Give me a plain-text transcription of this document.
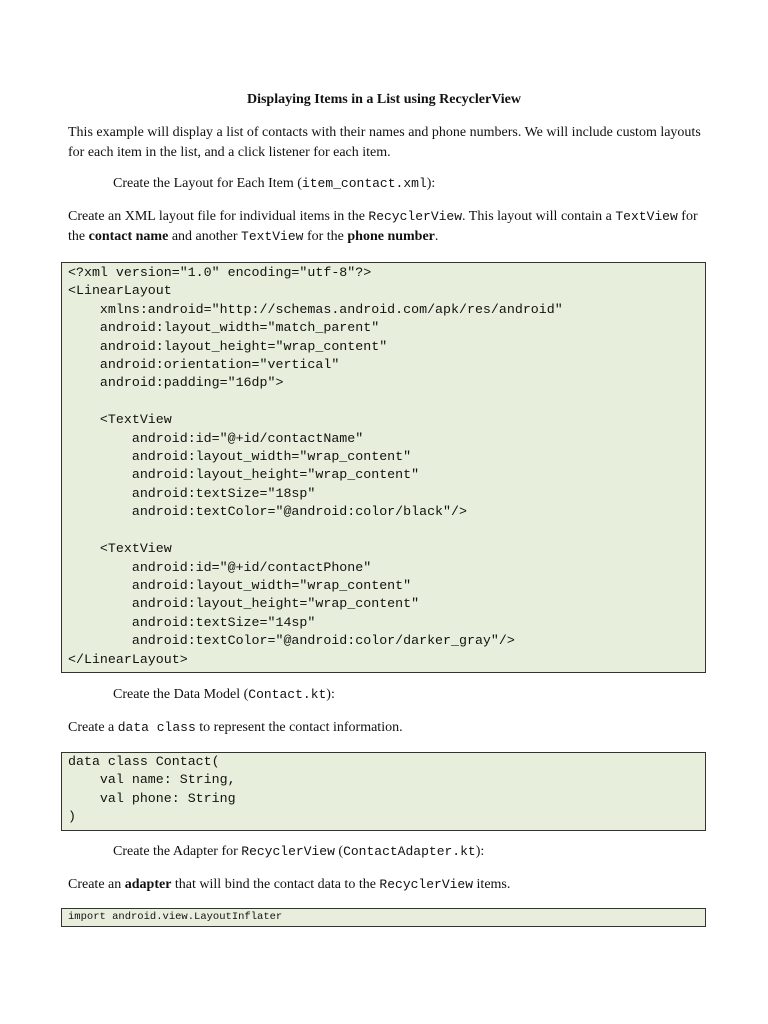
Displaying Items in a List using RecyclerView
This example will display a list of contacts with their names and phone numbers. We will include custom layouts for each item in the list, and a click listener for each item.
Create the Layout for Each Item (item_contact.xml):
Create an XML layout file for individual items in the RecyclerView. This layout will contain a TextView for the contact name and another TextView for the phone number.
<?xml version="1.0" encoding="utf-8"?>
<LinearLayout
xmlns:android="http://schemas.android.com/apk/res/android"
android:layout_width="match_parent"
android:layout_height="wrap_content"
android:orientation="vertical"
android:padding="16dp">

<TextView
android:id="@+id/contactName"
android:layout_width="wrap_content"
android:layout_height="wrap_content"
android:textSize="18sp"
android:textColor="@android:color/black"/>

<TextView
android:id="@+id/contactPhone"
android:layout_width="wrap_content"
android:layout_height="wrap_content"
android:textSize="14sp"
android:textColor="@android:color/darker_gray"/>
</LinearLayout>
Create the Data Model (Contact.kt):
Create a data class to represent the contact information.
data class Contact(
val name: String,
val phone: String
)
Create the Adapter for RecyclerView (ContactAdapter.kt):
Create an adapter that will bind the contact data to the RecyclerView items.
import android.view.LayoutInflater
